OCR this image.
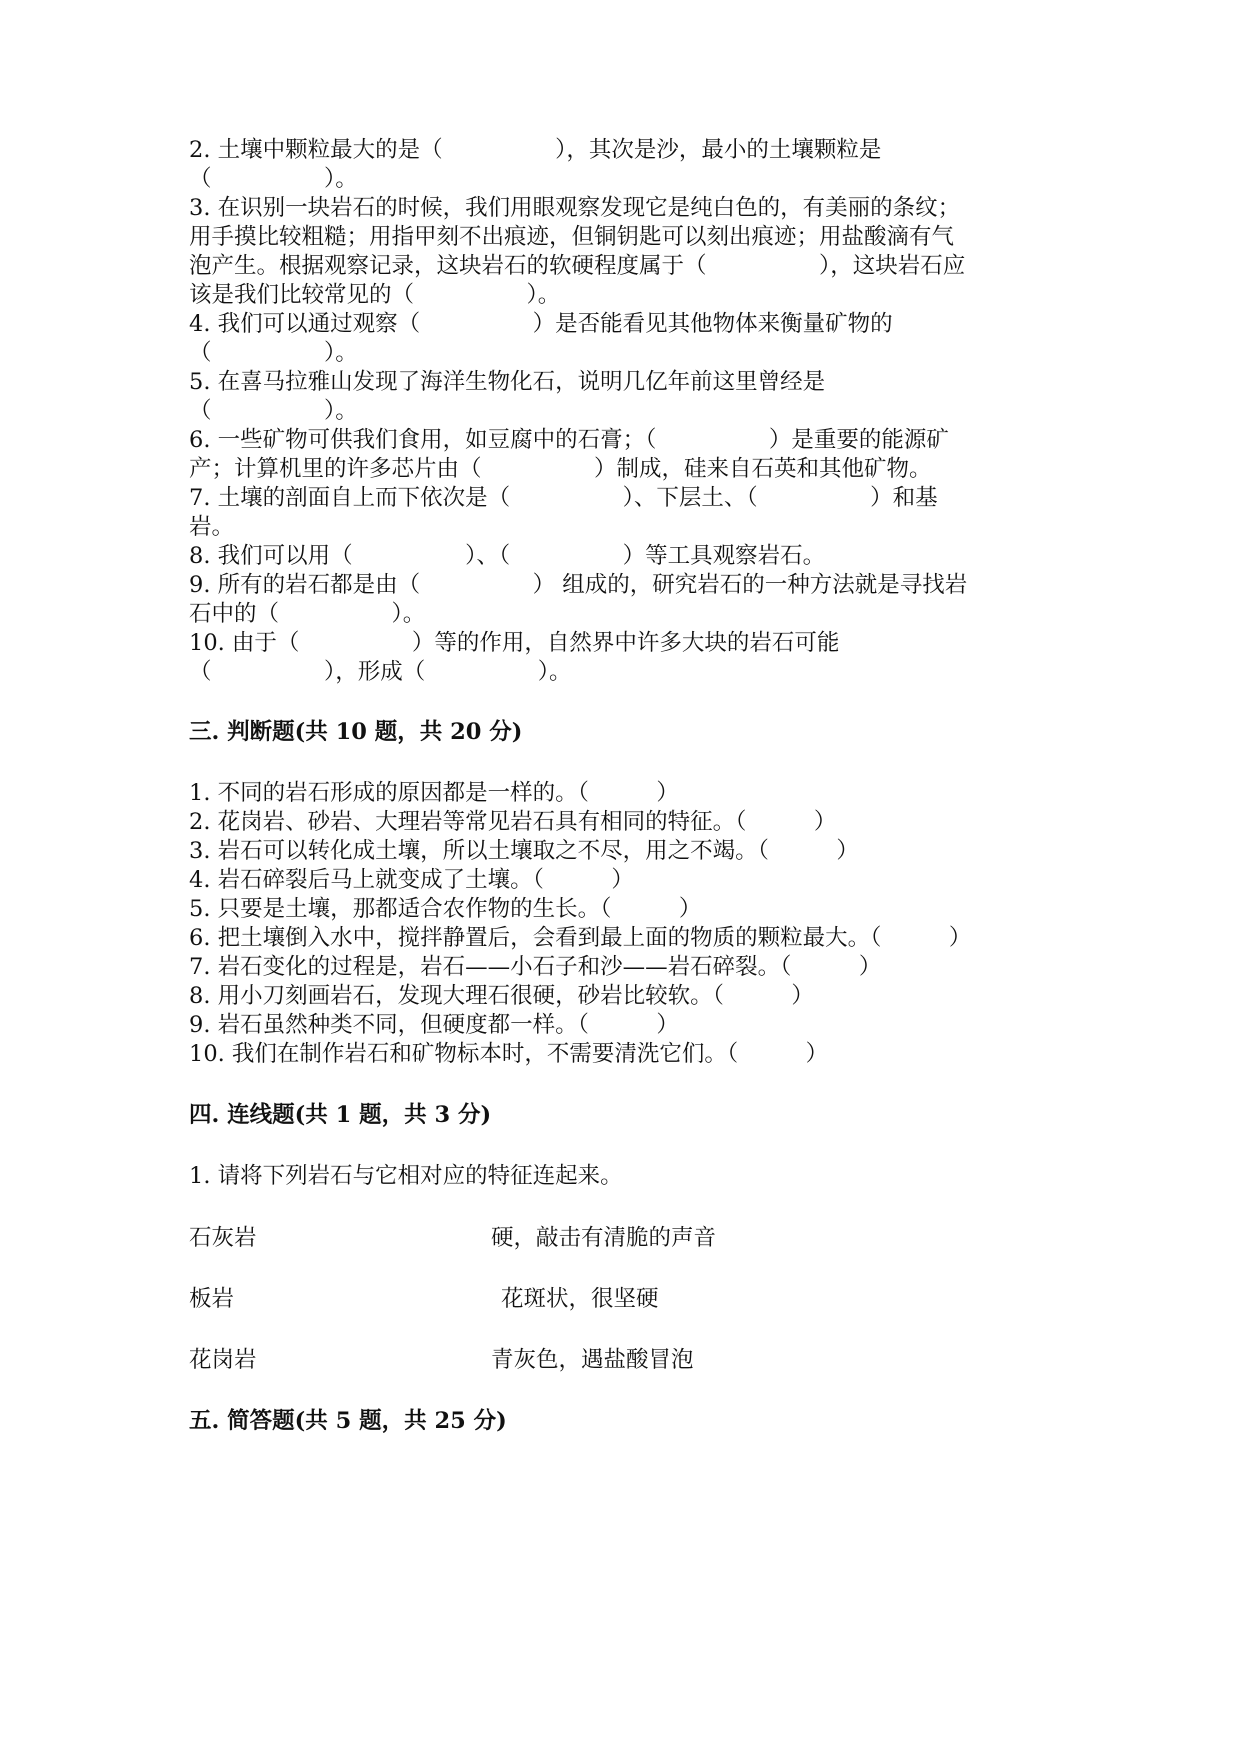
2. 土壤中颗粒最大的是（　　　　　），其次是沙，最小的土壤颗粒是
（　　　　　）。
3. 在识别一块岩石的时候，我们用眼观察发现它是纯白色的，有美丽的条纹；
用手摸比较粗糙；用指甲刻不出痕迹，但铜钥匙可以刻出痕迹；用盐酸滴有气
泡产生。根据观察记录，这块岩石的软硬程度属于（　　　　　），这块岩石应
该是我们比较常见的（　　　　　）。
4. 我们可以通过观察（　　　　　）是否能看见其他物体来衡量矿物的
（　　　　　）。
5. 在喜马拉雅山发现了海洋生物化石，说明几亿年前这里曾经是
（　　　　　）。
6. 一些矿物可供我们食用，如豆腐中的石膏；（　　　　　）是重要的能源矿
产；计算机里的许多芯片由（　　　　　）制成，硅来自石英和其他矿物。
7. 土壤的剖面自上而下依次是（　　　　　）、下层土、（　　　　　）和基
岩。
8. 我们可以用（　　　　　）、（　　　　　）等工具观察岩石。
9. 所有的岩石都是由（　　　　　） 组成的，研究岩石的一种方法就是寻找岩
石中的（　　　　　）。
10. 由于（　　　　　）等的作用，自然界中许多大块的岩石可能
（　　　　　），形成（　　　　　）。
三. 判断题(共 10 题，共 20 分)
1. 不同的岩石形成的原因都是一样的。（　　　）
2. 花岗岩、砂岩、大理岩等常见岩石具有相同的特征。（　　　）
3. 岩石可以转化成土壤，所以土壤取之不尽，用之不竭。（　　　）
4. 岩石碎裂后马上就变成了土壤。（　　　）
5. 只要是土壤，那都适合农作物的生长。（　　　）
6. 把土壤倒入水中，搅拌静置后，会看到最上面的物质的颗粒最大。（　　　）
7. 岩石变化的过程是，岩石——小石子和沙——岩石碎裂。（　　　）
8. 用小刀刻画岩石，发现大理石很硬，砂岩比较软。（　　　）
9. 岩石虽然种类不同，但硬度都一样。（　　　）
10. 我们在制作岩石和矿物标本时，不需要清洗它们。（　　　）
四. 连线题(共 1 题，共 3 分)
1. 请将下列岩石与它相对应的特征连起来。
石灰岩	硬，敲击有清脆的声音
板岩	花斑状，很坚硬
花岗岩	青灰色，遇盐酸冒泡
五. 简答题(共 5 题，共 25 分)
